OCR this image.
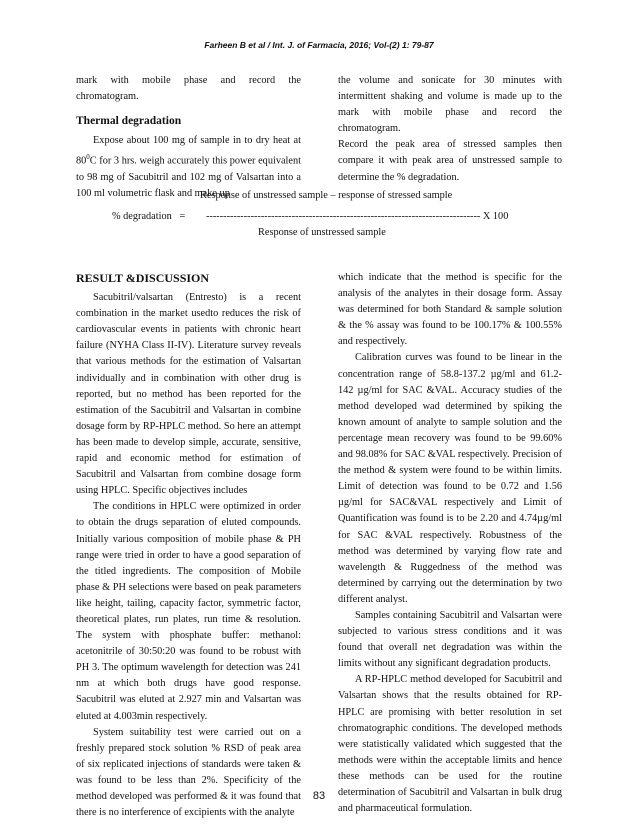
Farheen B et al / Int. J. of Farmacia, 2016; Vol-(2) 1: 79-87

mark with mobile phase and record the chromatogram.

Thermal degradation

Expose about 100 mg of sample in to dry heat at $80^0C$ for 3 hrs. weigh accurately this power equivalent to 98 mg of Sacubitril and 102 mg of Valsartan into a 100 ml volumetric flask and make up

the volume and sonicate for 30 minutes with intermittent shaking and volume is made up to the mark with mobile phase and record the chromatogram.

Record the peak area of stressed samples then compare it with peak area of unstressed sample to determine the % degradation.

Response of unstressed sample – response of stressed sample
% degradation   = -------------------------------------------------------------------------------- X 100
Response of unstressed sample

RESULT &DISCUSSION

Sacubitril/valsartan (Entresto) is a recent combination in the market usedto reduces the risk of cardiovascular events in patients with chronic heart failure (NYHA Class II-IV). Literature survey reveals that various methods for the estimation of Valsartan individually and in combination with other drug is reported, but no method has been reported for the estimation of the Sacubitril and Valsartan in combine dosage form by RP-HPLC method. So here an attempt has been made to develop simple, accurate, sensitive, rapid and economic method for estimation of Sacubitril and Valsartan from combine dosage form using HPLC. Specific objectives includes

The conditions in HPLC were optimized in order to obtain the drugs separation of eluted compounds. Initially various composition of mobile phase & PH range were tried in order to have a good separation of the titled ingredients. The composition of Mobile phase & PH selections were based on peak parameters like height, tailing, capacity factor, symmetric factor, theoretical plates, run plates, run time & resolution. The system with phosphate buffer: methanol: acetonitrile of 30:50:20 was found to be robust with PH 3. The optimum wavelength for detection was 241 nm at which both drugs have good response. Sacubitril was eluted at 2.927 min and Valsartan was eluted at 4.003min respectively.

System suitability test were carried out on a freshly prepared stock solution % RSD of peak area of six replicated injections of standards were taken & was found to be less than 2%. Specificity of the method developed was performed & it was found that there is no interference of excipients with the analyte

which indicate that the method is specific for the analysis of the analytes in their dosage form. Assay was determined for both Standard & sample solution & the % assay was found to be 100.17% & 100.55% and respectively.

Calibration curves was found to be linear in the concentration range of 58.8-137.2 µg/ml and 61.2-142 µg/ml for SAC &VAL. Accuracy studies of the method developed wad determined by spiking the known amount of analyte to sample solution and the percentage mean recovery was found to be 99.60% and 98.08% for SAC &VAL respectively. Precision of the method & system were found to be within limits. Limit of detection was found to be 0.72 and 1.56 µg/ml for SAC&VAL respectively and Limit of Quantification was found is to be 2.20 and 4.74µg/ml for SAC &VAL respectively. Robustness of the method was determined by varying flow rate and wavelength & Ruggedness of the method was determined by carrying out the determination by two different analyst.

Samples containing Sacubitril and Valsartan were subjected to various stress conditions and it was found that overall net degradation was within the limits without any significant degradation products.

A RP-HPLC method developed for Sacubitril and Valsartan shows that the results obtained for RP-HPLC are promising with better resolution in set chromatographic conditions. The developed methods were statistically validated which suggested that the methods were within the acceptable limits and hence these methods can be used for the routine determination of Sacubitril and Valsartan in bulk drug and pharmaceutical formulation.

83
